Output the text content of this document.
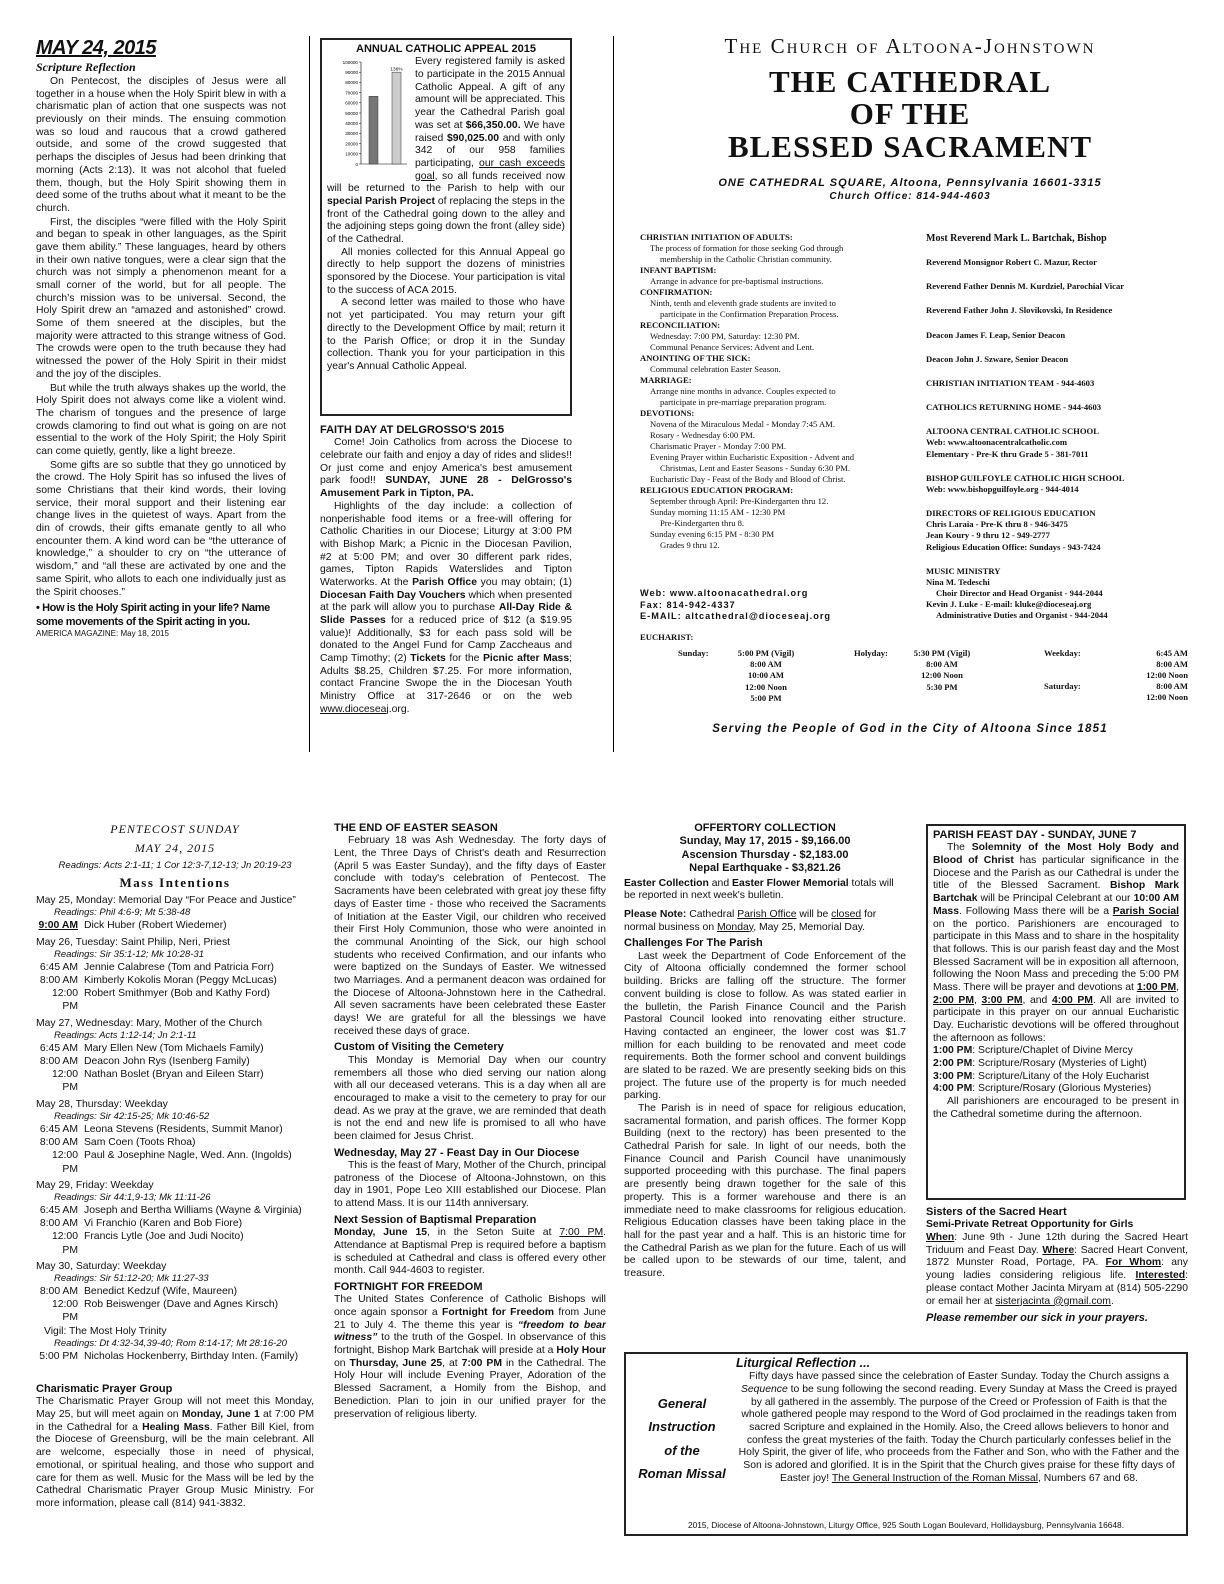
MAY 24, 2015
Scripture Reflection
On Pentecost, the disciples of Jesus were all together in a house when the Holy Spirit blew in with a charismatic plan of action that one suspects was not previously on their minds. The ensuing commotion was so loud and raucous that a crowd gathered outside, and some of the crowd suggested that perhaps the disciples of Jesus had been drinking that morning (Acts 2:13). It was not alcohol that fueled them, though, but the Holy Spirit showing them in deed some of the truths about what it meant to be the church.
First, the disciples “were filled with the Holy Spirit and began to speak in other languages, as the Spirit gave them ability.” These languages, heard by others in their own native tongues, were a clear sign that the church was not simply a phenomenon meant for a small corner of the world, but for all people. The church’s mission was to be universal. Second, the Holy Spirit drew an “amazed and astonished” crowd. Some of them sneered at the disciples, but the majority were attracted to this strange witness of God. The crowds were open to the truth because they had witnessed the power of the Holy Spirit in their midst and the joy of the disciples.
But while the truth always shakes up the world, the Holy Spirit does not always come like a violent wind. The charism of tongues and the presence of large crowds clamoring to find out what is going on are not essential to the work of the Holy Spirit; the Holy Spirit can come quietly, gently, like a light breeze.
Some gifts are so subtle that they go unnoticed by the crowd. The Holy Spirit has so infused the lives of some Christians that their kind words, their loving service, their moral support and their listening ear change lives in the quietest of ways. Apart from the din of crowds, their gifts emanate gently to all who encounter them. A kind word can be “the utterance of knowledge,” a shoulder to cry on “the utterance of wisdom,” and “all these are activated by one and the same Spirit, who allots to each one individually just as the Spirit chooses.”
• How is the Holy Spirit acting in your life? Name some movements of the Spirit acting in you.
AMERICA MAGAZINE: May 18, 2015
ANNUAL CATHOLIC APPEAL 2015
0
10000
20000
30000
40000
50000
60000
70000
80000
90000
100000
136%
Every registered family is asked to participate in the 2015 Annual Catholic Appeal. A gift of any amount will be appreciated. This year the Cathedral Parish goal was set at $66,350.00. We have raised $90,025.00 and with only 342 of our 958 families participating, our cash exceeds goal, so all funds received now will be returned to the Parish to help with our special Parish Project of replacing the steps in the front of the Cathedral going down to the alley and the adjoining steps going down the front (alley side) of the Cathedral.
All monies collected for this Annual Appeal go directly to help support the dozens of ministries sponsored by the Diocese. Your participation is vital to the success of ACA 2015.
A second letter was mailed to those who have not yet participated. You may return your gift directly to the Development Office by mail; return it to the Parish Office; or drop it in the Sunday collection. Thank you for your participation in this year's Annual Catholic Appeal.
FAITH DAY AT DELGROSSO'S 2015
Come! Join Catholics from across the Diocese to celebrate our faith and enjoy a day of rides and slides!! Or just come and enjoy America's best amusement park food!! SUNDAY, JUNE 28 - DelGrosso's Amusement Park in Tipton, PA.
Highlights of the day include: a collection of nonperishable food items or a free-will offering for Catholic Charities in our Diocese; Liturgy at 3:00 PM with Bishop Mark; a Picnic in the Diocesan Pavilion, #2 at 5:00 PM; and over 30 different park rides, games, Tipton Rapids Waterslides and Tipton Waterworks. At the Parish Office you may obtain; (1) Diocesan Faith Day Vouchers which when presented at the park will allow you to purchase All-Day Ride & Slide Passes for a reduced price of $12 (a $19.95 value)! Additionally, $3 for each pass sold will be donated to the Angel Fund for Camp Zaccheaus and Camp Timothy; (2) Tickets for the Picnic after Mass; Adults $8.25, Children $7.25. For more information, contact Francine Swope the in the Diocesan Youth Ministry Office at 317-2646 or on the web www.dioceseaj.org.
The Church of Altoona-Johnstown
THE CATHEDRAL
OF THE
BLESSED SACRAMENT
ONE CATHEDRAL SQUARE, Altoona, Pennsylvania 16601-3315
Church Office: 814-944-4603
CHRISTIAN INITIATION OF ADULTS:
The process of formation for those seeking God through
membership in the Catholic Christian community.
INFANT BAPTISM:
Arrange in advance for pre-baptismal instructions.
CONFIRMATION:
Ninth, tenth and eleventh grade students are invited to
participate in the Confirmation Preparation Process.
RECONCILIATION:
Wednesday: 7:00 PM, Saturday: 12:30 PM.
Communal Penance Services: Advent and Lent.
ANOINTING OF THE SICK:
Communal celebration Easter Season.
MARRIAGE:
Arrange nine months in advance. Couples expected to
participate in pre-marriage preparation program.
DEVOTIONS:
Novena of the Miraculous Medal - Monday 7:45 AM.
Rosary - Wednesday 6:00 PM.
Charismatic Prayer - Monday 7:00 PM.
Evening Prayer within Eucharistic Exposition - Advent and
Christmas, Lent and Easter Seasons - Sunday 6:30 PM.
Eucharistic Day - Feast of the Body and Blood of Christ.
RELIGIOUS EDUCATION PROGRAM:
September through April: Pre-Kindergarten thru 12.
Sunday morning 11:15 AM - 12:30 PM
Pre-Kindergarten thru 8.
Sunday evening 6:15 PM - 8:30 PM
Grades 9 thru 12.
Web: www.altoonacathedral.org
Fax: 814-942-4337
E-MAIL: altcathedral@dioceseaj.org
Most Reverend Mark L. Bartchak, Bishop
Reverend Monsignor Robert C. Mazur, Rector
Reverend Father Dennis M. Kurdziel, Parochial Vicar
Reverend Father John J. Slovikovski, In Residence
Deacon James F. Leap, Senior Deacon
Deacon John J. Szware, Senior Deacon
CHRISTIAN INITIATION TEAM - 944-4603
CATHOLICS RETURNING HOME - 944-4603
ALTOONA CENTRAL CATHOLIC SCHOOL
Web: www.altoonacentralcatholic.com
Elementary - Pre-K thru Grade 5 - 381-7011
BISHOP GUILFOYLE CATHOLIC HIGH SCHOOL
Web: www.bishopguilfoyle.org - 944-4014
DIRECTORS OF RELIGIOUS EDUCATION
Chris Laraia - Pre-K thru 8 - 946-3475
Jean Koury - 9 thru 12 - 949-2777
Religious Education Office: Sundays - 943-7424
MUSIC MINISTRY
Nina M. Tedeschi
Choir Director and Head Organist - 944-2044
Kevin J. Luke - E-mail: kluke@dioceseaj.org
Administrative Duties and Organist - 944-2044
EUCHARIST:
Sunday:	5:00 PM (Vigil)
8:00 AM
10:00 AM
12:00 Noon
5:00 PM
Holyday:	5:30 PM (Vigil)
8:00 AM
12:00 Noon
5:30 PM
Weekday:	6:45 AM
8:00 AM
12:00 Noon
Saturday:	8:00 AM
12:00 Noon
Serving the People of God in the City of Altoona Since 1851
PENTECOST SUNDAY
MAY 24, 2015
Readings: Acts 2:1-11; 1 Cor 12:3-7,12-13; Jn 20:19-23
Mass Intentions
May 25, Monday: Memorial Day “For Peace and Justice”
Readings: Phil 4:6-9; Mt 5:38-48
9:00 AM Dick Huber (Robert Wiedemer)
May 26, Tuesday: Saint Philip, Neri, Priest
Readings: Sir 35:1-12; Mk 10:28-31
6:45 AM Jennie Calabrese (Tom and Patricia Forr)
8:00 AM Kimberly Kokolis Moran (Peggy McLucas)
12:00 PM
Robert Smithmyer (Bob and Kathy Ford)
May 27, Wednesday: Mary, Mother of the Church
Readings: Acts 1:12-14; Jn 2:1-11
6:45 AM Mary Ellen New (Tom Michaels Family)
8:00 AM Deacon John Rys (Isenberg Family)
12:00 PM
Nathan Boslet (Bryan and Eileen Starr)
May 28, Thursday: Weekday
Readings: Sir 42:15-25; Mk 10:46-52
6:45 AM Leona Stevens (Residents, Summit Manor)
8:00 AM Sam Coen (Toots Rhoa)
12:00 PM
Paul & Josephine Nagle, Wed. Ann. (Ingolds)
May 29, Friday: Weekday
Readings: Sir 44:1,9-13; Mk 11:11-26
6:45 AM Joseph and Bertha Williams (Wayne & Virginia)
8:00 AM Vi Franchio (Karen and Bob Fiore)
12:00 PM
Francis Lytle (Joe and Judi Nocito)
May 30, Saturday: Weekday
Readings: Sir 51:12-20; Mk 11:27-33
8:00 AM Benedict Kedzuf (Wife, Maureen)
12:00 PM
Rob Beiswenger (Dave and Agnes Kirsch)
Vigil: The Most Holy Trinity
Readings: Dt 4:32-34,39-40; Rom 8:14-17; Mt 28:16-20
5:00 PM Nicholas Hockenberry, Birthday Inten. (Family)
Charismatic Prayer Group
The Charismatic Prayer Group will not meet this Monday, May 25, but will meet again on Monday, June 1 at 7:00 PM in the Cathedral for a Healing Mass. Father Bill Kiel, from the Diocese of Greensburg, will be the main celebrant. All are welcome, especially those in need of physical, emotional, or spiritual healing, and those who support and care for them as well. Music for the Mass will be led by the Cathedral Charismatic Prayer Group Music Ministry. For more information, please call (814) 941-3832.
THE END OF EASTER SEASON
February 18 was Ash Wednesday. The forty days of Lent, the Three Days of Christ's death and Resurrection (April 5 was Easter Sunday), and the fifty days of Easter conclude with today's celebration of Pentecost. The Sacraments have been celebrated with great joy these fifty days of Easter time - those who received the Sacraments of Initiation at the Easter Vigil, our children who received their First Holy Communion, those who were anointed in the communal Anointing of the Sick, our high school students who received Confirmation, and our infants who were baptized on the Sundays of Easter. We witnessed two Marriages. And a permanent deacon was ordained for the Diocese of Altoona-Johnstown here in the Cathedral. All seven sacraments have been celebrated these Easter days! We are grateful for all the blessings we have received these days of grace.
Custom of Visiting the Cemetery
This Monday is Memorial Day when our country remembers all those who died serving our nation along with all our deceased veterans. This is a day when all are encouraged to make a visit to the cemetery to pray for our dead. As we pray at the grave, we are reminded that death is not the end and new life is promised to all who have been claimed for Jesus Christ.
Wednesday, May 27 - Feast Day in Our Diocese
This is the feast of Mary, Mother of the Church, principal patroness of the Diocese of Altoona-Johnstown, on this day in 1901, Pope Leo XIII established our Diocese. Plan to attend Mass. It is our 114th anniversary.
Next Session of Baptismal Preparation
Monday, June 15, in the Seton Suite at 7:00 PM. Attendance at Baptismal Prep is required before a baptism is scheduled at Cathedral and class is offered every other month. Call 944-4603 to register.
FORTNIGHT FOR FREEDOM
The United States Conference of Catholic Bishops will once again sponsor a Fortnight for Freedom from June 21 to July 4. The theme this year is “freedom to bear witness” to the truth of the Gospel. In observance of this fortnight, Bishop Mark Bartchak will preside at a Holy Hour on Thursday, June 25, at 7:00 PM in the Cathedral. The Holy Hour will include Evening Prayer, Adoration of the Blessed Sacrament, a Homily from the Bishop, and Benediction. Plan to join in our unified prayer for the preservation of religious liberty.
OFFERTORY COLLECTION
Sunday, May 17, 2015 - $9,166.00
Ascension Thursday - $2,183.00
Nepal Earthquake - $3,821.26
Easter Collection and Easter Flower Memorial totals will be reported in next week's bulletin.
Please Note: Cathedral Parish Office will be closed for normal business on Monday, May 25, Memorial Day.
Challenges For The Parish
Last week the Department of Code Enforcement of the City of Altoona officially condemned the former school building. Bricks are falling off the structure. The former convent building is close to follow. As was stated earlier in the bulletin, the Parish Finance Council and the Parish Pastoral Council looked into renovating either structure. Having contacted an engineer, the lower cost was $1.7 million for each building to be renovated and meet code requirements. Both the former school and convent buildings are slated to be razed. We are presently seeking bids on this project. The future use of the property is for much needed parking.
The Parish is in need of space for religious education, sacramental formation, and parish offices. The former Kopp Building (next to the rectory) has been presented to the Cathedral Parish for sale. In light of our needs, both the Finance Council and Parish Council have unanimously supported proceeding with this purchase. The final papers are presently being drawn together for the sale of this property. This is a former warehouse and there is an immediate need to make classrooms for religious education. Religious Education classes have been taking place in the hall for the past year and a half. This is an historic time for the Cathedral Parish as we plan for the future. Each of us will be called upon to be stewards of our time, talent, and treasure.
PARISH FEAST DAY - SUNDAY, JUNE 7
The Solemnity of the Most Holy Body and Blood of Christ has particular significance in the Diocese and the Parish as our Cathedral is under the title of the Blessed Sacrament. Bishop Mark Bartchak will be Principal Celebrant at our 10:00 AM Mass. Following Mass there will be a Parish Social on the portico. Parishioners are encouraged to participate in this Mass and to share in the hospitality that follows. This is our parish feast day and the Most Blessed Sacrament will be in exposition all afternoon, following the Noon Mass and preceding the 5:00 PM Mass. There will be prayer and devotions at 1:00 PM, 2:00 PM, 3:00 PM, and 4:00 PM. All are invited to participate in this prayer on our annual Eucharistic Day. Eucharistic devotions will be offered throughout the afternoon as follows:
1:00 PM: Scripture/Chaplet of Divine Mercy
2:00 PM: Scripture/Rosary (Mysteries of Light)
3:00 PM: Scripture/Litany of the Holy Eucharist
4:00 PM: Scripture/Rosary (Glorious Mysteries)
All parishioners are encouraged to be present in the Cathedral sometime during the afternoon.
Sisters of the Sacred Heart
Semi-Private Retreat Opportunity for Girls
When: June 9th - June 12th during the Sacred Heart Triduum and Feast Day. Where: Sacred Heart Convent, 1872 Munster Road, Portage, PA. For Whom: any young ladies considering religious life. Interested: please contact Mother Jacinta Miryam at (814) 505-2290 or email her at sisterjacinta @gmail.com.
Please remember our sick in your prayers.
General
Instruction
of the
Roman Missal
Liturgical Reflection ...
Fifty days have passed since the celebration of Easter Sunday. Today the Church assigns a Sequence to be sung following the second reading. Every Sunday at Mass the Creed is prayed by all gathered in the assembly. The purpose of the Creed or Profession of Faith is that the whole gathered people may respond to the Word of God proclaimed in the readings taken from sacred Scripture and explained in the Homily. Also, the Creed allows believers to honor and confess the great mysteries of the faith. Today the Church particularly confesses belief in the Holy Spirit, the giver of life, who proceeds from the Father and Son, who with the Father and the Son is adored and glorified. It is in the Spirit that the Church gives praise for these fifty days of Easter joy! The General Instruction of the Roman Missal, Numbers 67 and 68.
2015, Diocese of Altoona-Johnstown, Liturgy Office, 925 South Logan Boulevard, Hollidaysburg, Pennsylvania 16648.
